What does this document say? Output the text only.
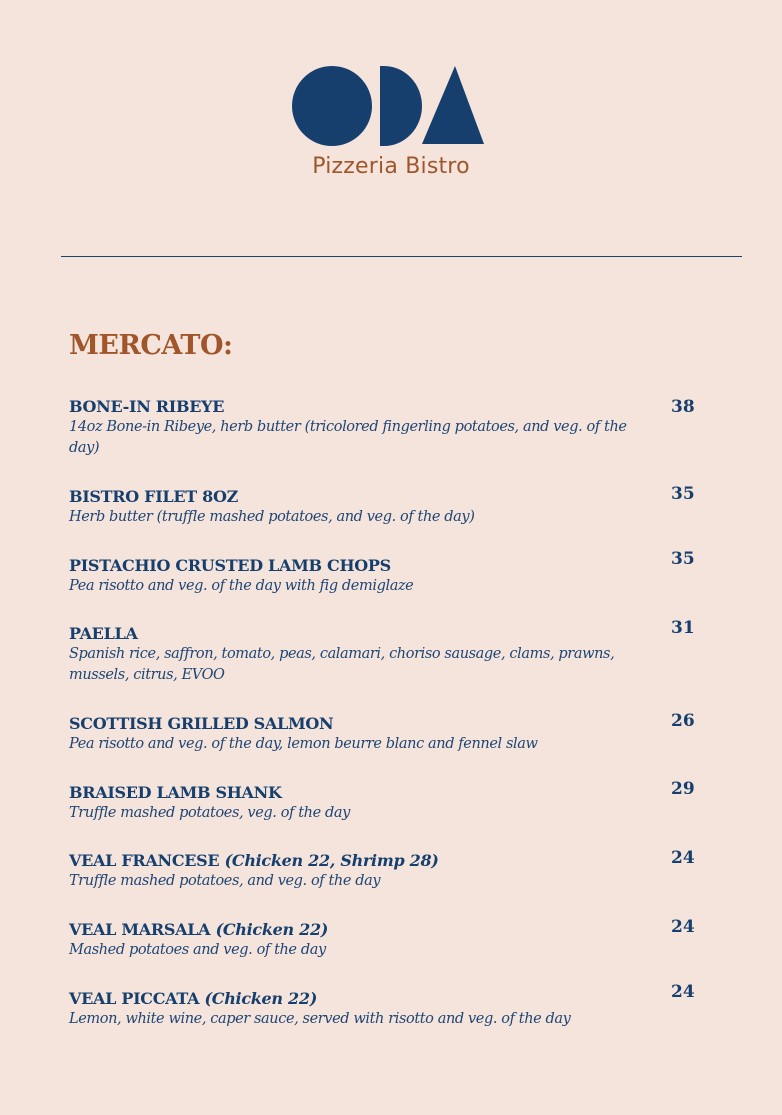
Pizzeria Bistro
MERCATO:
BONE-IN RIBEYE
14oz Bone-in Ribeye, herb butter (tricolored fingerling potatoes, and veg. of the day)
38
BISTRO FILET 8OZ
Herb butter (truffle mashed potatoes, and veg. of the day)
35
PISTACHIO CRUSTED LAMB CHOPS
Pea risotto and veg. of the day with fig demiglaze
35
PAELLA
Spanish rice, saffron, tomato, peas, calamari, choriso sausage, clams, prawns, mussels, citrus, EVOO
31
SCOTTISH GRILLED SALMON
Pea risotto and veg. of the day, lemon beurre blanc and fennel slaw
26
BRAISED LAMB SHANK
Truffle mashed potatoes, veg. of the day
29
VEAL FRANCESE (Chicken 22, Shrimp 28)
Truffle mashed potatoes, and veg. of the day
24
VEAL MARSALA (Chicken 22)
Mashed potatoes and veg. of the day
24
VEAL PICCATA (Chicken 22)
Lemon, white wine, caper sauce, served with risotto and veg. of the day
24
